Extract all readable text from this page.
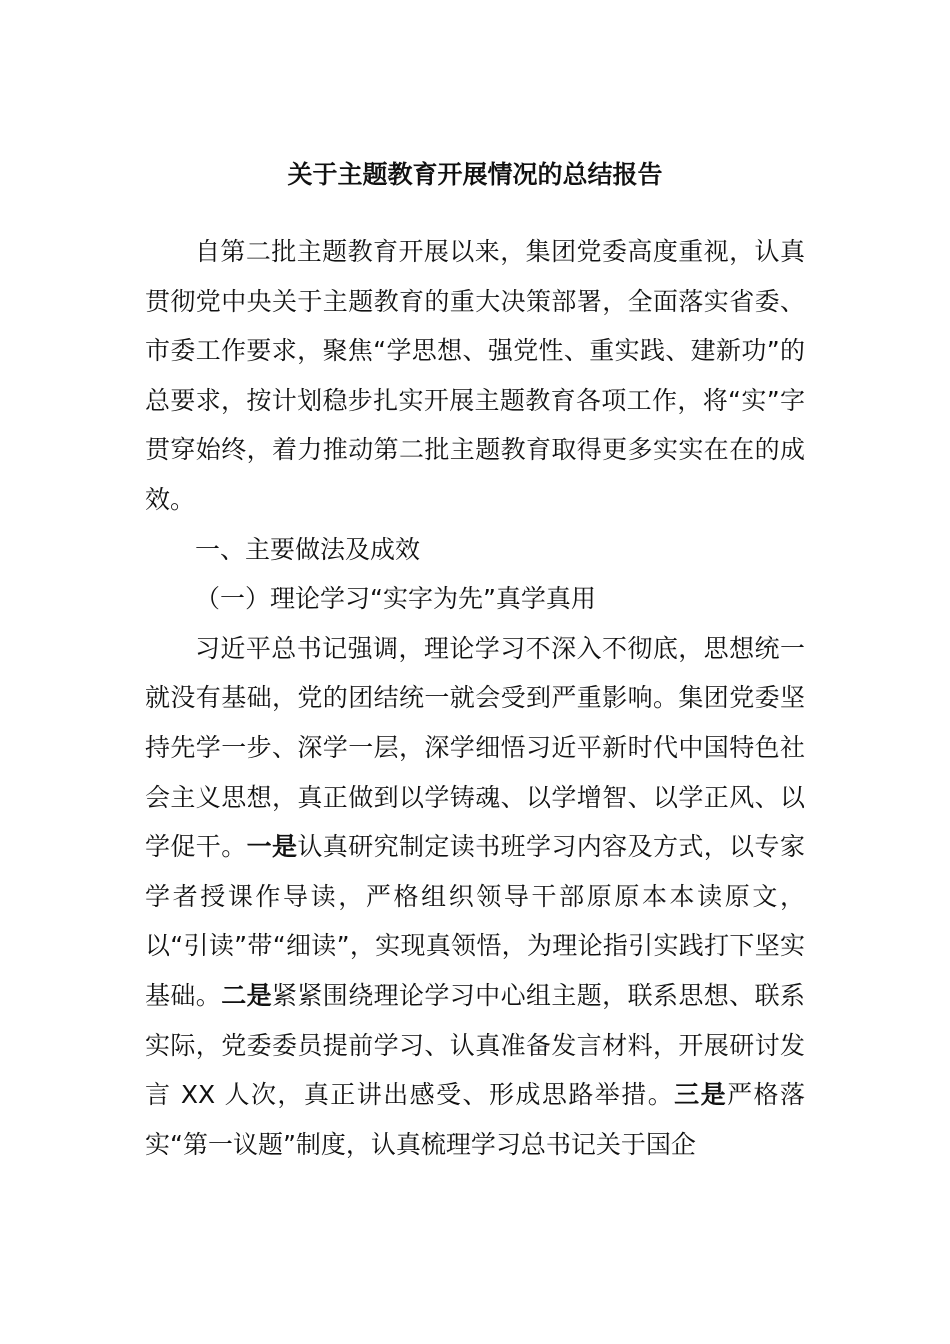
关于主题教育开展情况的总结报告

自第二批主题教育开展以来，集团党委高度重视，认真贯彻党中央关于主题教育的重大决策部署，全面落实省委、市委工作要求，聚焦“学思想、强党性、重实践、建新功”的总要求，按计划稳步扎实开展主题教育各项工作，将“实”字贯穿始终，着力推动第二批主题教育取得更多实实在在的成效。

一、主要做法及成效

（一）理论学习“实字为先”真学真用

习近平总书记强调，理论学习不深入不彻底，思想统一就没有基础，党的团结统一就会受到严重影响。集团党委坚持先学一步、深学一层，深学细悟习近平新时代中国特色社会主义思想，真正做到以学铸魂、以学增智、以学正风、以学促干。一是认真研究制定读书班学习内容及方式，以专家学者授课作导读，严格组织领导干部原原本本读原文，以“引读”带“细读”，实现真领悟，为理论指引实践打下坚实基础。二是紧紧围绕理论学习中心组主题，联系思想、联系实际，党委委员提前学习、认真准备发言材料，开展研讨发言 XX 人次，真正讲出感受、形成思路举措。三是严格落实“第一议题”制度，认真梳理学习总书记关于国企
